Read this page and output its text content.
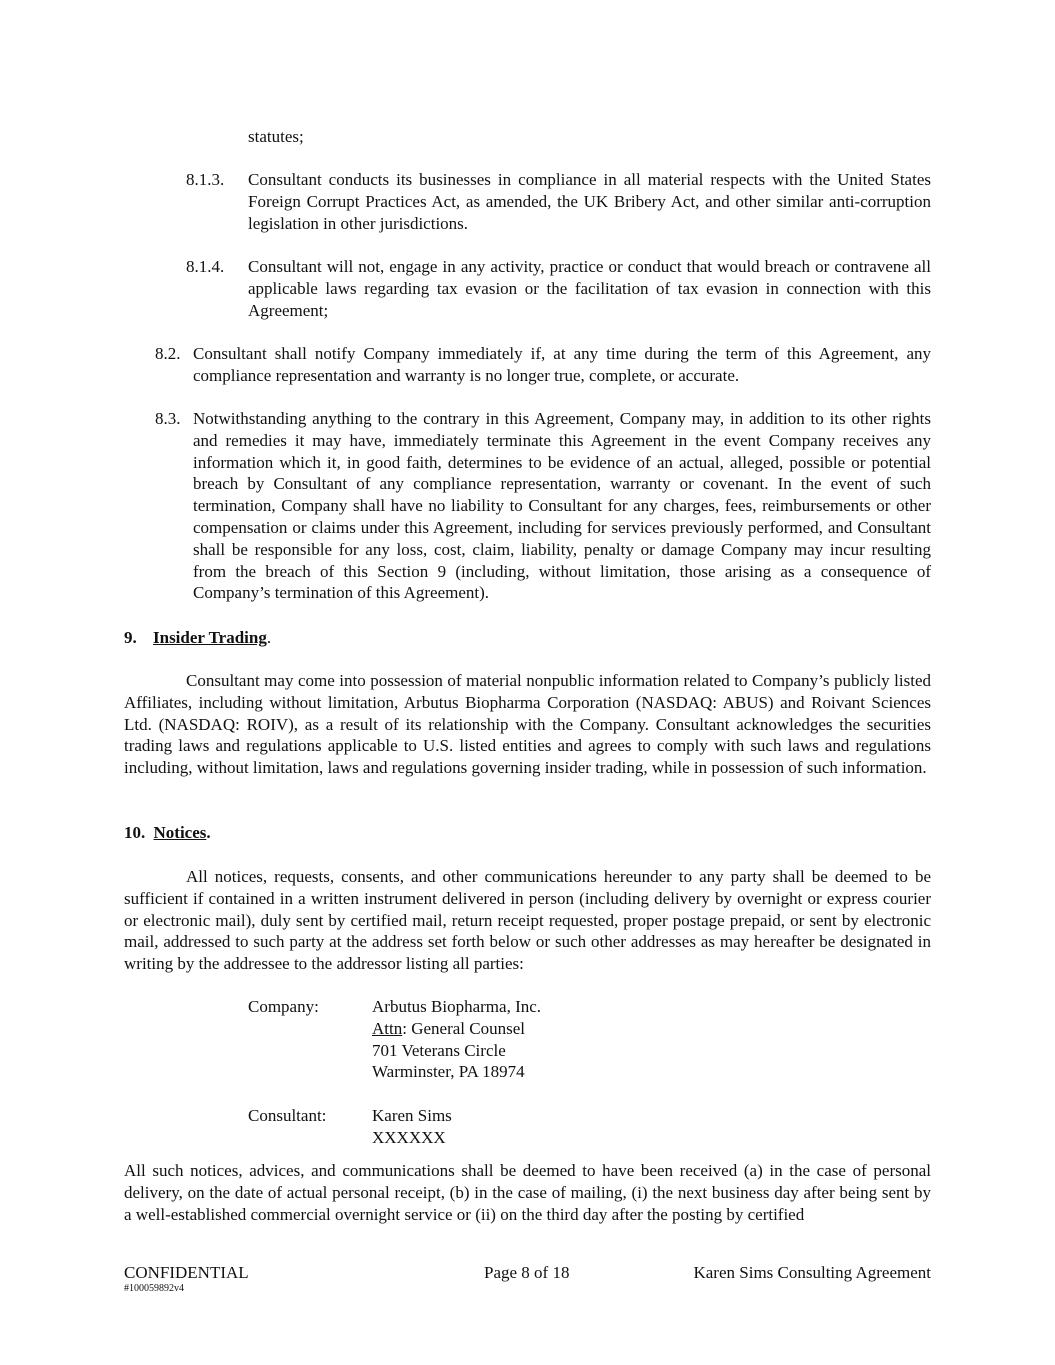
statutes;
8.1.3. Consultant conducts its businesses in compliance in all material respects with the United States Foreign Corrupt Practices Act, as amended, the UK Bribery Act, and other similar anti-corruption legislation in other jurisdictions.
8.1.4. Consultant will not, engage in any activity, practice or conduct that would breach or contravene all applicable laws regarding tax evasion or the facilitation of tax evasion in connection with this Agreement;
8.2. Consultant shall notify Company immediately if, at any time during the term of this Agreement, any compliance representation and warranty is no longer true, complete, or accurate.
8.3. Notwithstanding anything to the contrary in this Agreement, Company may, in addition to its other rights and remedies it may have, immediately terminate this Agreement in the event Company receives any information which it, in good faith, determines to be evidence of an actual, alleged, possible or potential breach by Consultant of any compliance representation, warranty or covenant. In the event of such termination, Company shall have no liability to Consultant for any charges, fees, reimbursements or other compensation or claims under this Agreement, including for services previously performed, and Consultant shall be responsible for any loss, cost, claim, liability, penalty or damage Company may incur resulting from the breach of this Section 9 (including, without limitation, those arising as a consequence of Company’s termination of this Agreement).
9. Insider Trading.
Consultant may come into possession of material nonpublic information related to Company’s publicly listed Affiliates, including without limitation, Arbutus Biopharma Corporation (NASDAQ: ABUS) and Roivant Sciences Ltd. (NASDAQ: ROIV), as a result of its relationship with the Company. Consultant acknowledges the securities trading laws and regulations applicable to U.S. listed entities and agrees to comply with such laws and regulations including, without limitation, laws and regulations governing insider trading, while in possession of such information.
10. Notices.
All notices, requests, consents, and other communications hereunder to any party shall be deemed to be sufficient if contained in a written instrument delivered in person (including delivery by overnight or express courier or electronic mail), duly sent by certified mail, return receipt requested, proper postage prepaid, or sent by electronic mail, addressed to such party at the address set forth below or such other addresses as may hereafter be designated in writing by the addressee to the addressor listing all parties:
Company:	Arbutus Biopharma, Inc.
Attn: General Counsel
701 Veterans Circle
Warminster, PA 18974
Consultant:	Karen Sims
XXXXXX
All such notices, advices, and communications shall be deemed to have been received (a) in the case of personal delivery, on the date of actual personal receipt, (b) in the case of mailing, (i) the next business day after being sent by a well-established commercial overnight service or (ii) on the third day after the posting by certified
CONFIDENTIAL
#100059892v4
Page 8 of 18	Karen Sims Consulting Agreement
